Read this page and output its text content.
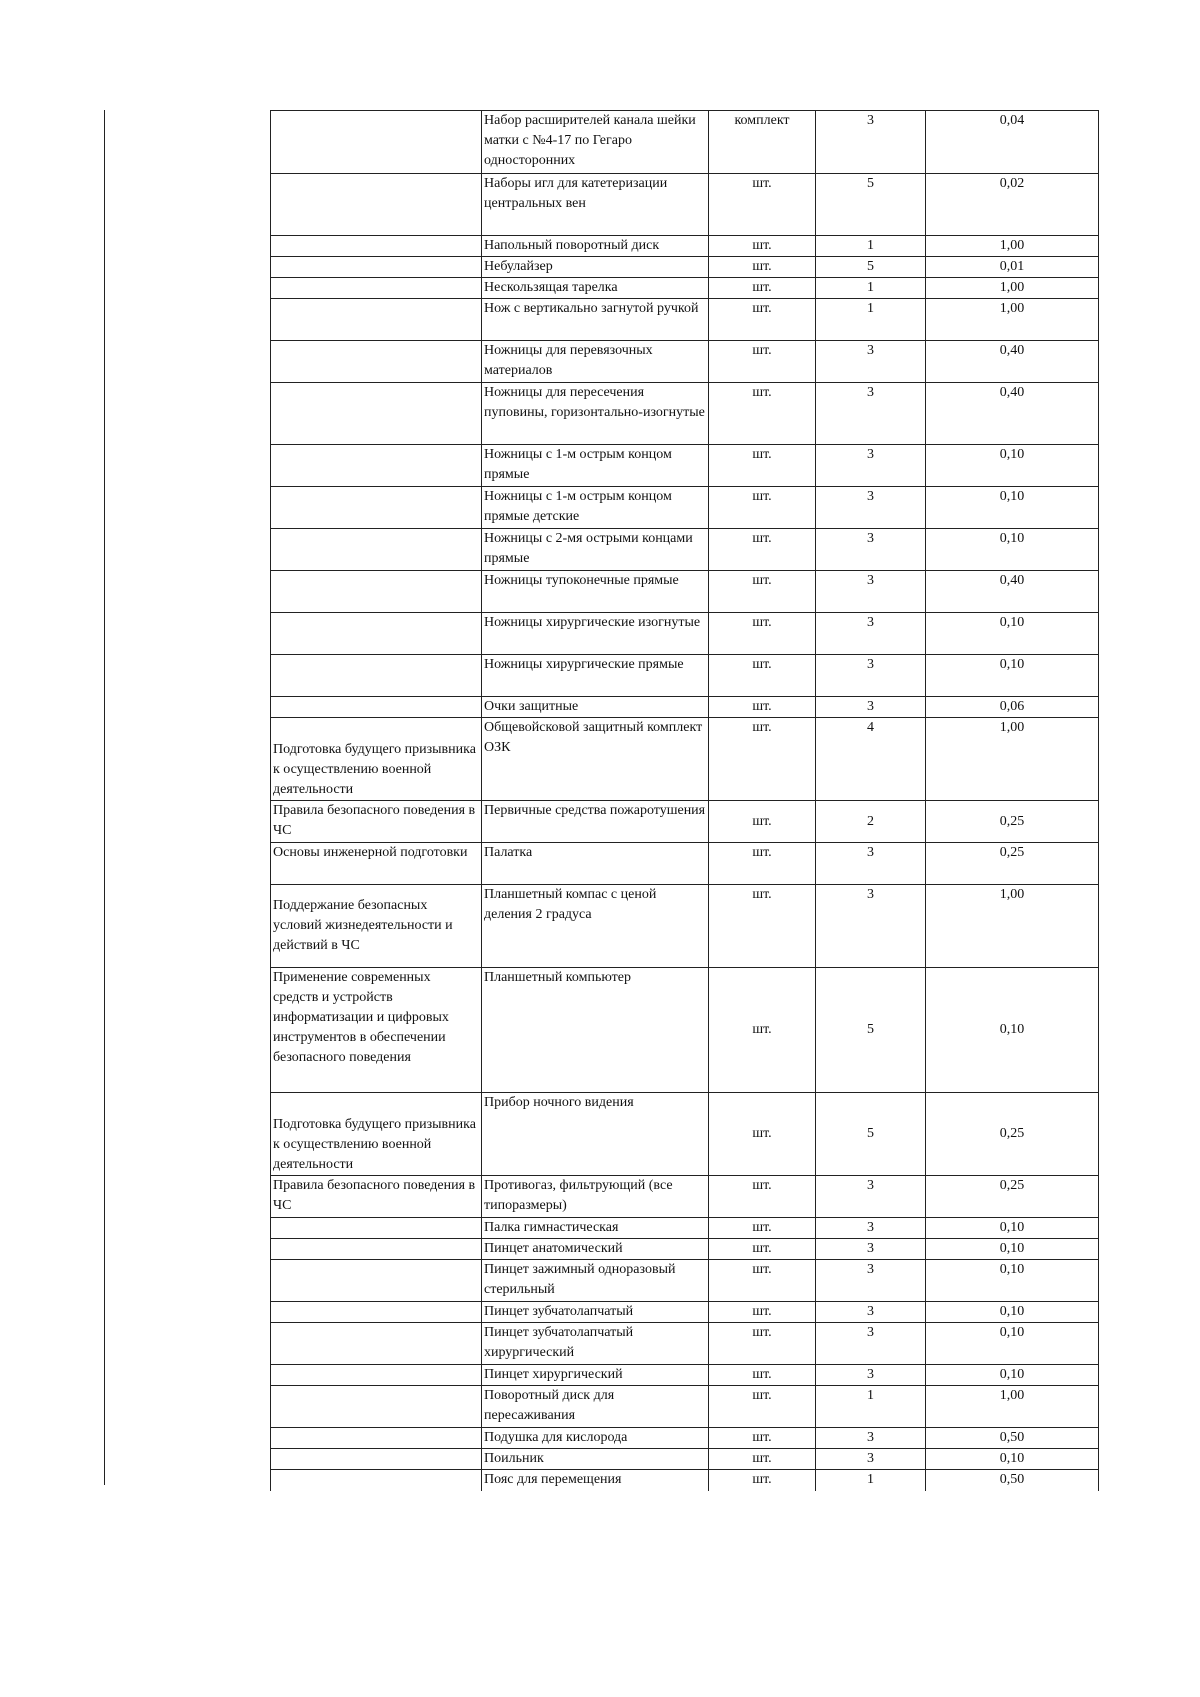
	Набор расширителей канала шейки матки с №4-17 по Гегаро односторонних	комплект	3	0,04
	Наборы игл для катетеризации центральных вен	шт.	5	0,02
	Напольный поворотный диск	шт.	1	1,00
	Небулайзер	шт.	5	0,01
	Нескользящая тарелка	шт.	1	1,00
	Нож с вертикально загнутой ручкой	шт.	1	1,00
	Ножницы для перевязочных материалов	шт.	3	0,40
	Ножницы для пересечения пуповины, горизонтально-изогнутые	шт.	3	0,40
	Ножницы с 1-м острым концом прямые	шт.	3	0,10
	Ножницы с 1-м острым концом прямые детские	шт.	3	0,10
	Ножницы с 2-мя острыми концами прямые	шт.	3	0,10
	Ножницы тупоконечные прямые	шт.	3	0,40
	Ножницы хирургические изогнутые	шт.	3	0,10
	Ножницы хирургические прямые	шт.	3	0,10
	Очки защитные	шт.	3	0,06
Подготовка будущего призывника к осуществлению военной деятельности	Общевойсковой защитный комплект ОЗК	шт.	4	1,00
Правила безопасного поведения в ЧС	Первичные средства пожаротушения	шт.	2	0,25
Основы инженерной подготовки	Палатка	шт.	3	0,25
Поддержание безопасных условий жизнедеятельности и действий в ЧС	Планшетный компас с ценой деления 2 градуса	шт.	3	1,00
Применение современных средств и устройств информатизации и цифровых инструментов в обеспечении безопасного поведения	Планшетный компьютер	шт.	5	0,10
Подготовка будущего призывника к осуществлению военной деятельности	Прибор ночного видения	шт.	5	0,25
Правила безопасного поведения в ЧС	Противогаз, фильтрующий (все типоразмеры)	шт.	3	0,25
	Палка гимнастическая	шт.	3	0,10
	Пинцет анатомический	шт.	3	0,10
	Пинцет зажимный одноразовый стерильный	шт.	3	0,10
	Пинцет зубчатолапчатый	шт.	3	0,10
	Пинцет зубчатолапчатый хирургический	шт.	3	0,10
	Пинцет хирургический	шт.	3	0,10
	Поворотный диск для пересаживания	шт.	1	1,00
	Подушка для кислорода	шт.	3	0,50
	Поильник	шт.	3	0,10
	Пояс для перемещения	шт.	1	0,50
